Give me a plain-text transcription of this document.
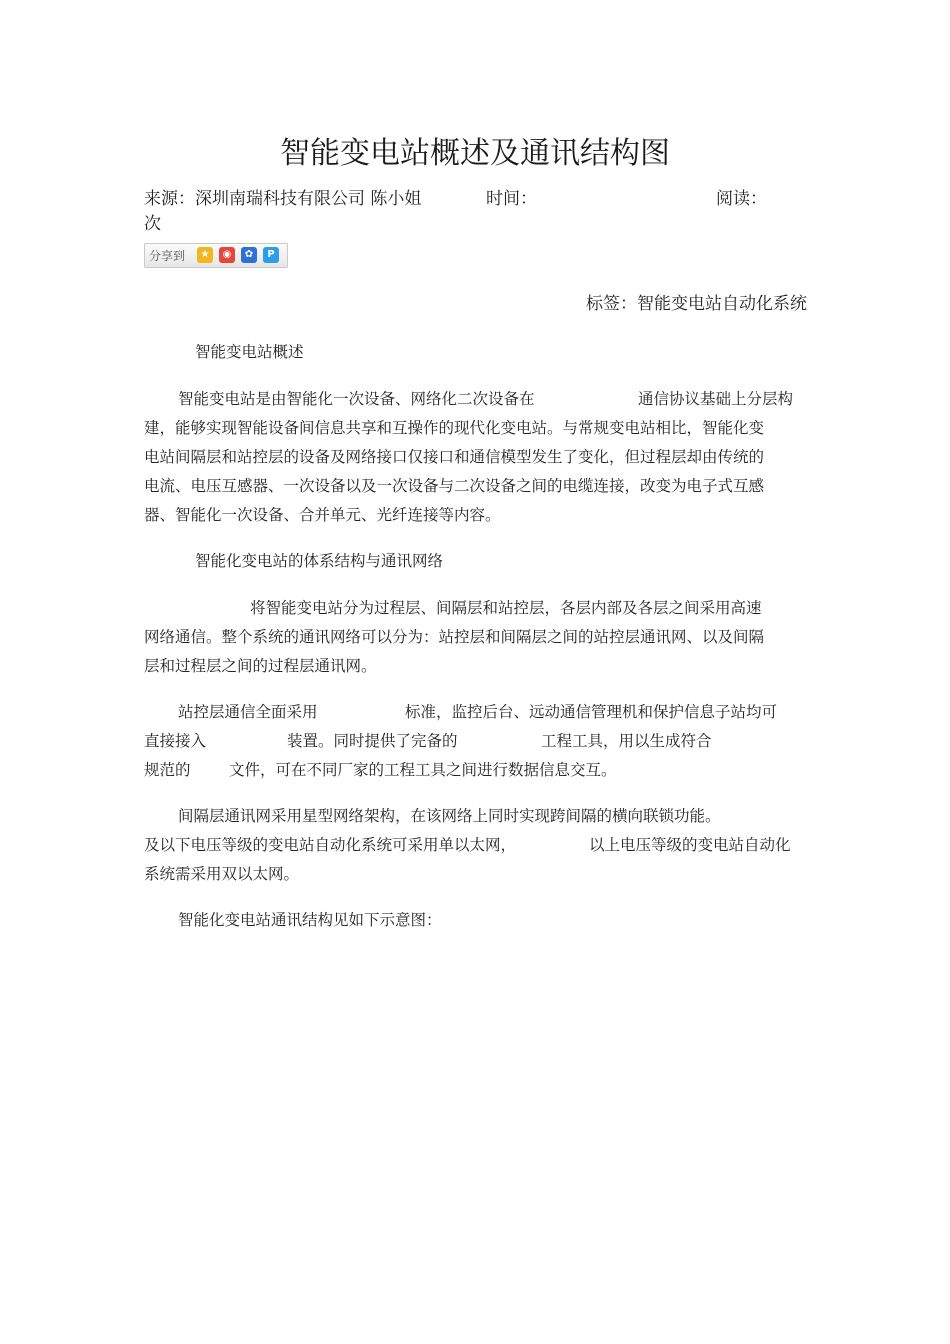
智能变电站概述及通讯结构图
来源：深圳南瑞科技有限公司 陈小姐	时间：	阅读：
次
分享到	★	◉	✿	P
标签：智能变电站自动化系统
智能变电站概述
智能变电站是由智能化一次设备、网络化二次设备在	通信协议基础上分层构
建，能够实现智能设备间信息共享和互操作的现代化变电站。与常规变电站相比，智能化变
电站间隔层和站控层的设备及网络接口仅接口和通信模型发生了变化，但过程层却由传统的
电流、电压互感器、一次设备以及一次设备与二次设备之间的电缆连接，改变为电子式互感
器、智能化一次设备、合并单元、光纤连接等内容。
智能化变电站的体系结构与通讯网络
将智能变电站分为过程层、间隔层和站控层，各层内部及各层之间采用高速
网络通信。整个系统的通讯网络可以分为：站控层和间隔层之间的站控层通讯网、以及间隔
层和过程层之间的过程层通讯网。
站控层通信全面采用	标准，监控后台、远动通信管理机和保护信息子站均可
直接接入	装置。同时提供了完备的	工程工具，用以生成符合
规范的 文件，可在不同厂家的工程工具之间进行数据信息交互。
间隔层通讯网采用星型网络架构，在该网络上同时实现跨间隔的横向联锁功能。
及以下电压等级的变电站自动化系统可采用单以太网，	以上电压等级的变电站自动化
系统需采用双以太网。
智能化变电站通讯结构见如下示意图：
